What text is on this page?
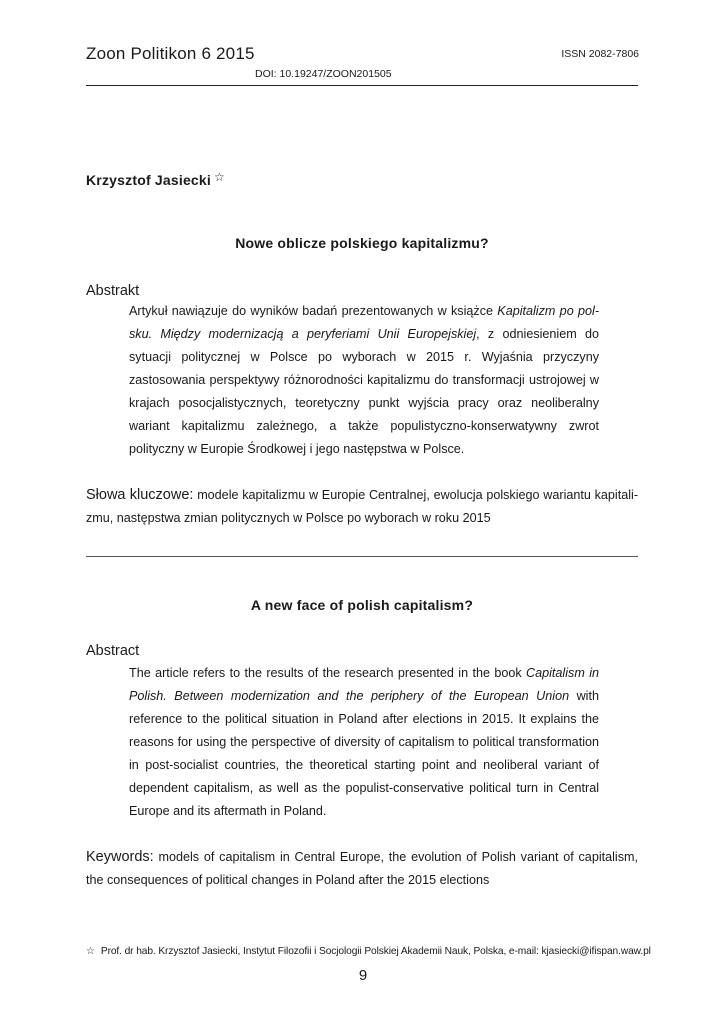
Zoon Politikon 6 2015	ISSN 2082-7806
DOI: 10.19247/ZOON201505
Krzysztof Jasiecki ☆
Nowe oblicze polskiego kapitalizmu?
Abstrakt
Artykuł nawiązuje do wyników badań prezentowanych w książce Kapitalizm po polsku. Między modernizacją a peryferiami Unii Europejskiej, z odniesieniem do sytuacji politycznej w Polsce po wyborach w 2015 r. Wyjaśnia przyczyny zastosowania perspektywy różnorodności kapitalizmu do transformacji ustrojowej w krajach posocjalistycznych, teoretyczny punkt wyjścia pracy oraz neoliberalny wariant kapitalizmu zależnego, a także populistyczno-konserwatywny zwrot polityczny w Europie Środkowej i jego następstwa w Polsce.
Słowa kluczowe: modele kapitalizmu w Europie Centralnej, ewolucja polskiego wariantu kapitalizmu, następstwa zmian politycznych w Polsce po wyborach w roku 2015
A new face of polish capitalism?
Abstract
The article refers to the results of the research presented in the book Capitalism in Polish. Between modernization and the periphery of the European Union with reference to the political situation in Poland after elections in 2015. It explains the reasons for using the perspective of diversity of capitalism to political transformation in post-socialist countries, the theoretical starting point and neoliberal variant of dependent capitalism, as well as the populist-conservative political turn in Central Europe and its aftermath in Poland.
Keywords: models of capitalism in Central Europe, the evolution of Polish variant of capitalism, the consequences of political changes in Poland after the 2015 elections
☆ Prof. dr hab. Krzysztof Jasiecki, Instytut Filozofii i Socjologii Polskiej Akademii Nauk, Polska, e-mail: kjasiecki@ifispan.waw.pl
9
